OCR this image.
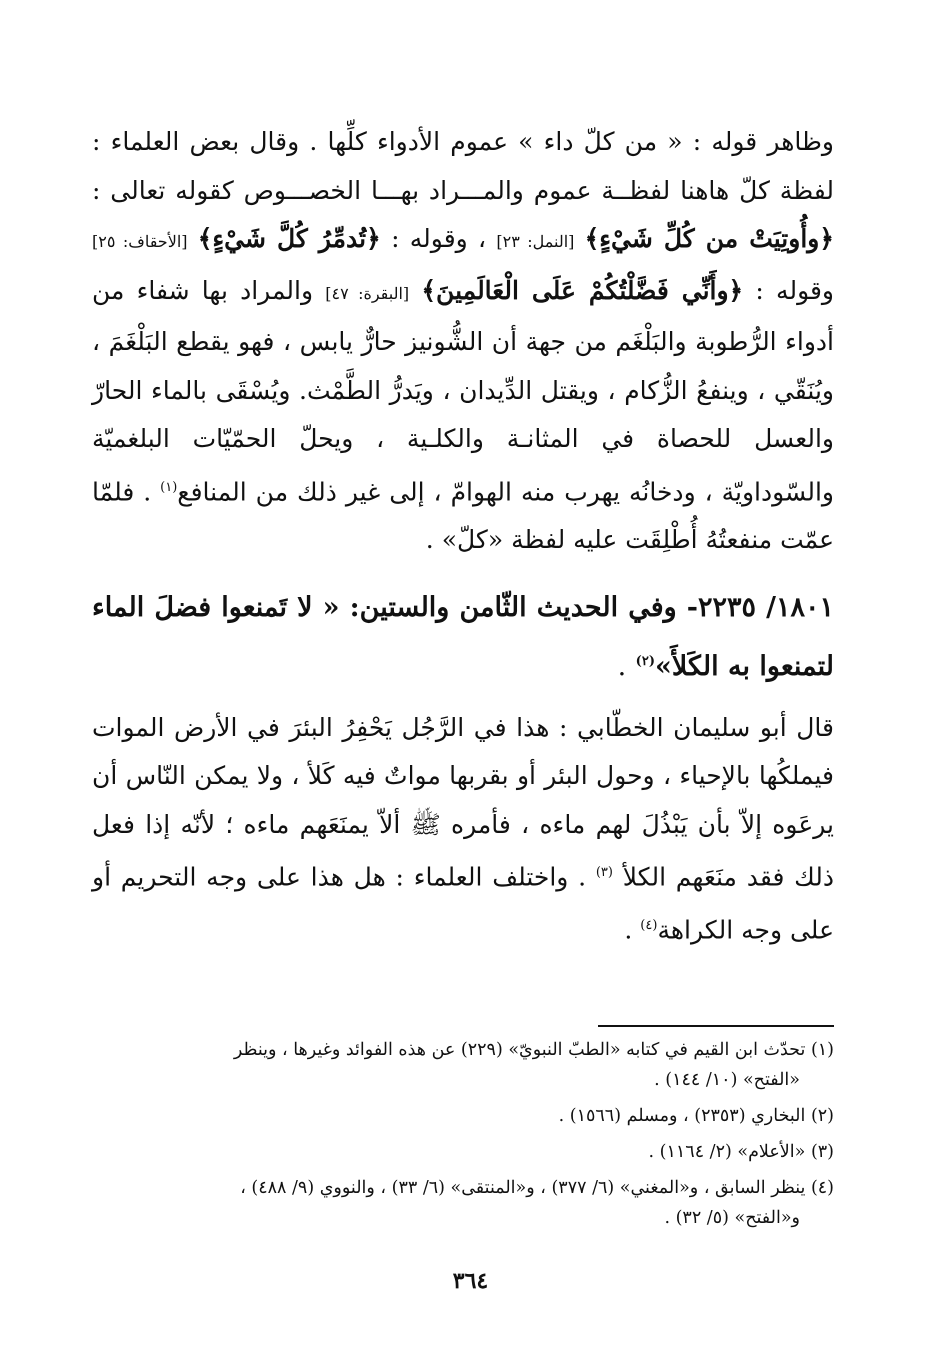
وظاهر قوله : « من كلّ داء » عموم الأدواء كلِّها . وقال بعض العلماء : لفظة كلّ هاهنا لفظــة عموم والمـــراد بهـــا الخصـــوص كقوله تعالى : ﴿وأُوتِيَتْ من كُلِّ شَيْءٍ﴾ [النمل: ٢٣] ، وقوله : ﴿تُدمِّرُ كُلَّ شَيْءٍ﴾ [الأحقاف: ٢٥] وقوله : ﴿وأَنِّي فَضَّلْتُكُمْ عَلَى الْعَالَمِينَ﴾ [البقرة: ٤٧] والمراد بها شفاء من أدواء الرُّطوبة والبَلْغَم من جهة أن الشُّونيز حارٌّ يابس ، فهو يقطع البَلْغَمَ ، ويُنَقّي ، وينفعُ الزُّكام ، ويقتل الدِّيدان ، ويَدرُّ الطَّمْث. ويُسْقَى بالماء الحارّ والعسل للحصاة في المثانـة والكلـية ، ويحلّ الحمّيّات البلغميّة والسّوداويّة ، ودخانُه يهرب منه الهوامّ ، إلى غير ذلك من المنافع$^{(١)}$ . فلمّا عمّت منفعتُهُ أُطْلِقَت عليه لفظة «كلّ» .

١٨٠١/ ٢٢٣٥- وفي الحديث الثّامن والستين: « لا تَمنعوا فضلَ الماء لتمنعوا به الكَلأَ»$^{(٢)}$ .

قال أبو سليمان الخطّابي : هذا في الرَّجُل يَحْفِرُ البئرَ في الأرض الموات فيملكُها بالإحياء ، وحول البئر أو بقربها مواتٌ فيه كَلأ ، ولا يمكن النّاس أن يرعَوه إلاّ بأن يَبْذُلَ لهم ماءه ، فأمره ﷺ ألاّ يمنَعَهم ماءه ؛ لأنّه إذا فعل ذلك فقد منَعَهم الكلأ $^{(٣)}$ . واختلف العلماء : هل هذا على وجه التحريم أو على وجه الكراهة$^{(٤)}$ .

(١) تحدّث ابن القيم في كتابه «الطبّ النبويّ» (٢٢٩) عن هذه الفوائد وغيرها ، وينظر
«الفتح» (١٠/ ١٤٤) .

(٢) البخاري (٢٣٥٣) ، ومسلم (١٥٦٦) .

(٣) «الأعلام» (٢/ ١١٦٤) .

(٤) ينظر السابق ، و«المغني» (٦/ ٣٧٧) ، و«المنتقى» (٦/ ٣٣) ، والنووي (٩/ ٤٨٨) ،
و«الفتح» (٥/ ٣٢) .

٣٦٤
